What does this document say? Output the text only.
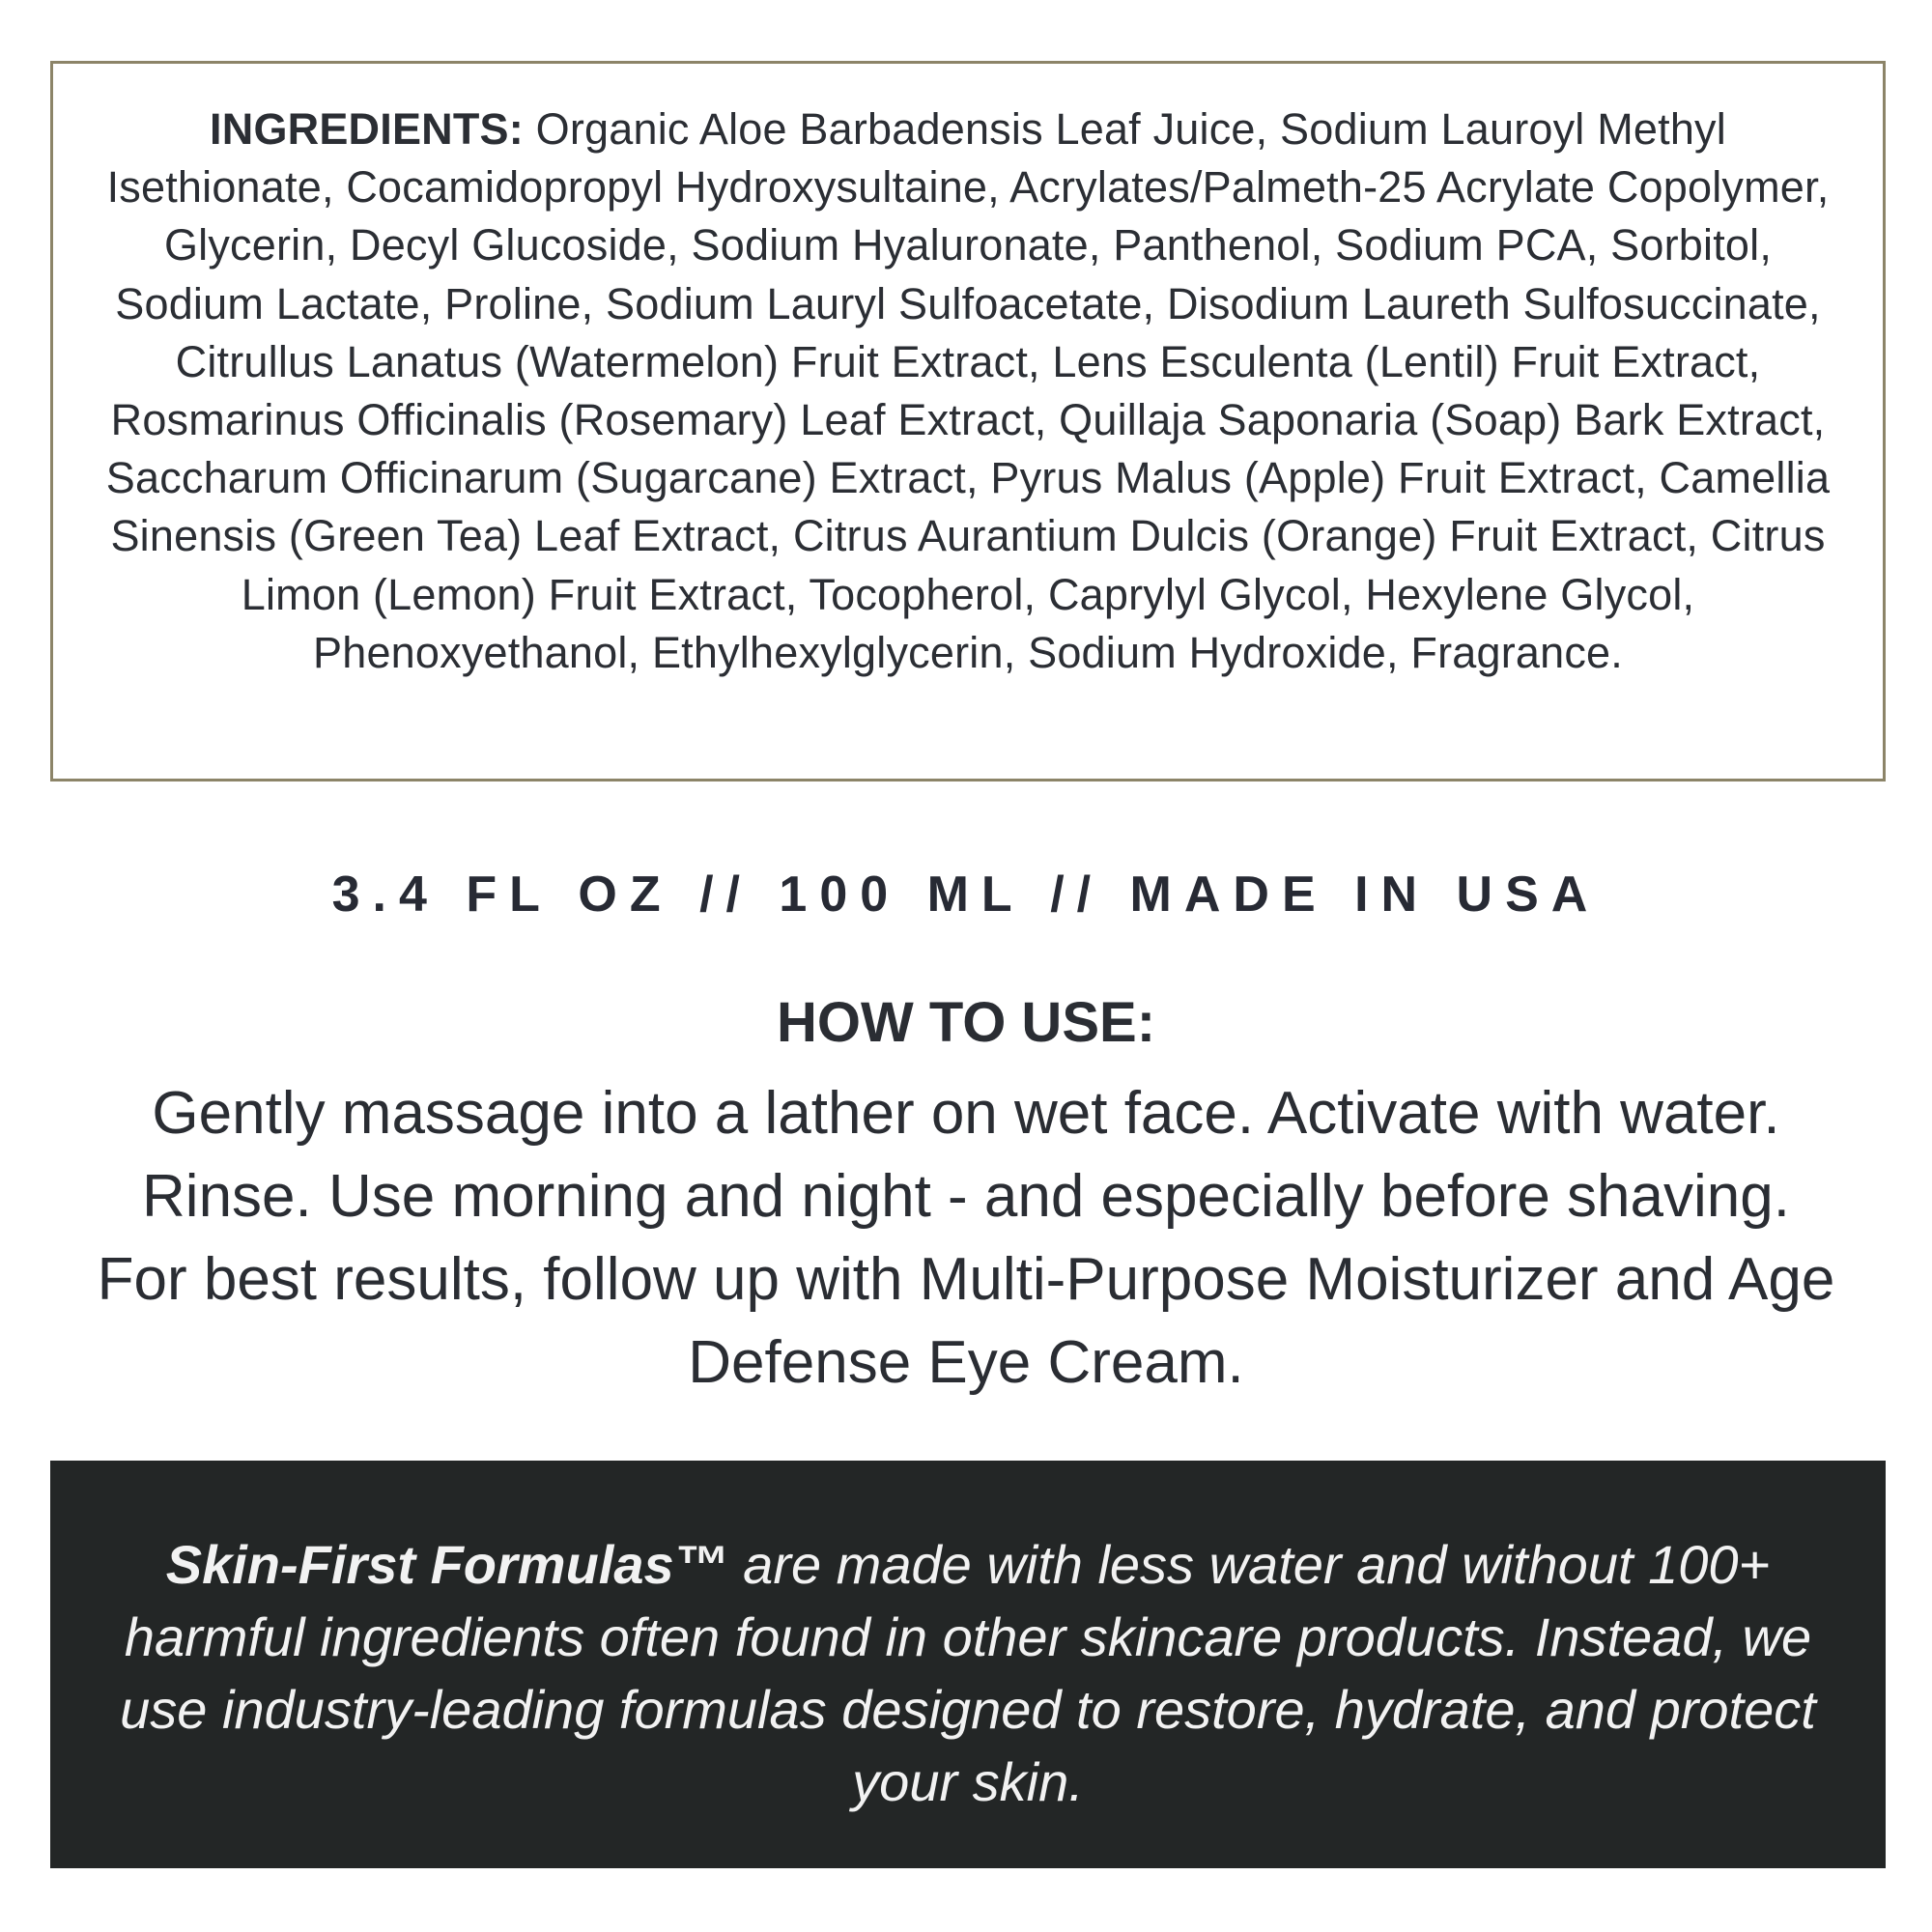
INGREDIENTS: Organic Aloe Barbadensis Leaf Juice, Sodium Lauroyl Methyl Isethionate, Cocamidopropyl Hydroxysultaine, Acrylates/Palmeth-25 Acrylate Copolymer, Glycerin, Decyl Glucoside, Sodium Hyaluronate, Panthenol, Sodium PCA, Sorbitol, Sodium Lactate, Proline, Sodium Lauryl Sulfoacetate, Disodium Laureth Sulfosuccinate, Citrullus Lanatus (Watermelon) Fruit Extract, Lens Esculenta (Lentil) Fruit Extract, Rosmarinus Officinalis (Rosemary) Leaf Extract, Quillaja Saponaria (Soap) Bark Extract, Saccharum Officinarum (Sugarcane) Extract, Pyrus Malus (Apple) Fruit Extract, Camellia Sinensis (Green Tea) Leaf Extract, Citrus Aurantium Dulcis (Orange) Fruit Extract, Citrus Limon (Lemon) Fruit Extract, Tocopherol, Caprylyl Glycol, Hexylene Glycol, Phenoxyethanol, Ethylhexylglycerin, Sodium Hydroxide, Fragrance.
3.4 FL OZ // 100 ML // MADE IN USA
HOW TO USE:
Gently massage into a lather on wet face. Activate with water. Rinse. Use morning and night - and especially before shaving. For best results, follow up with Multi-Purpose Moisturizer and Age Defense Eye Cream.
Skin-First Formulas™ are made with less water and without 100+ harmful ingredients often found in other skincare products. Instead, we use industry-leading formulas designed to restore, hydrate, and protect your skin.
